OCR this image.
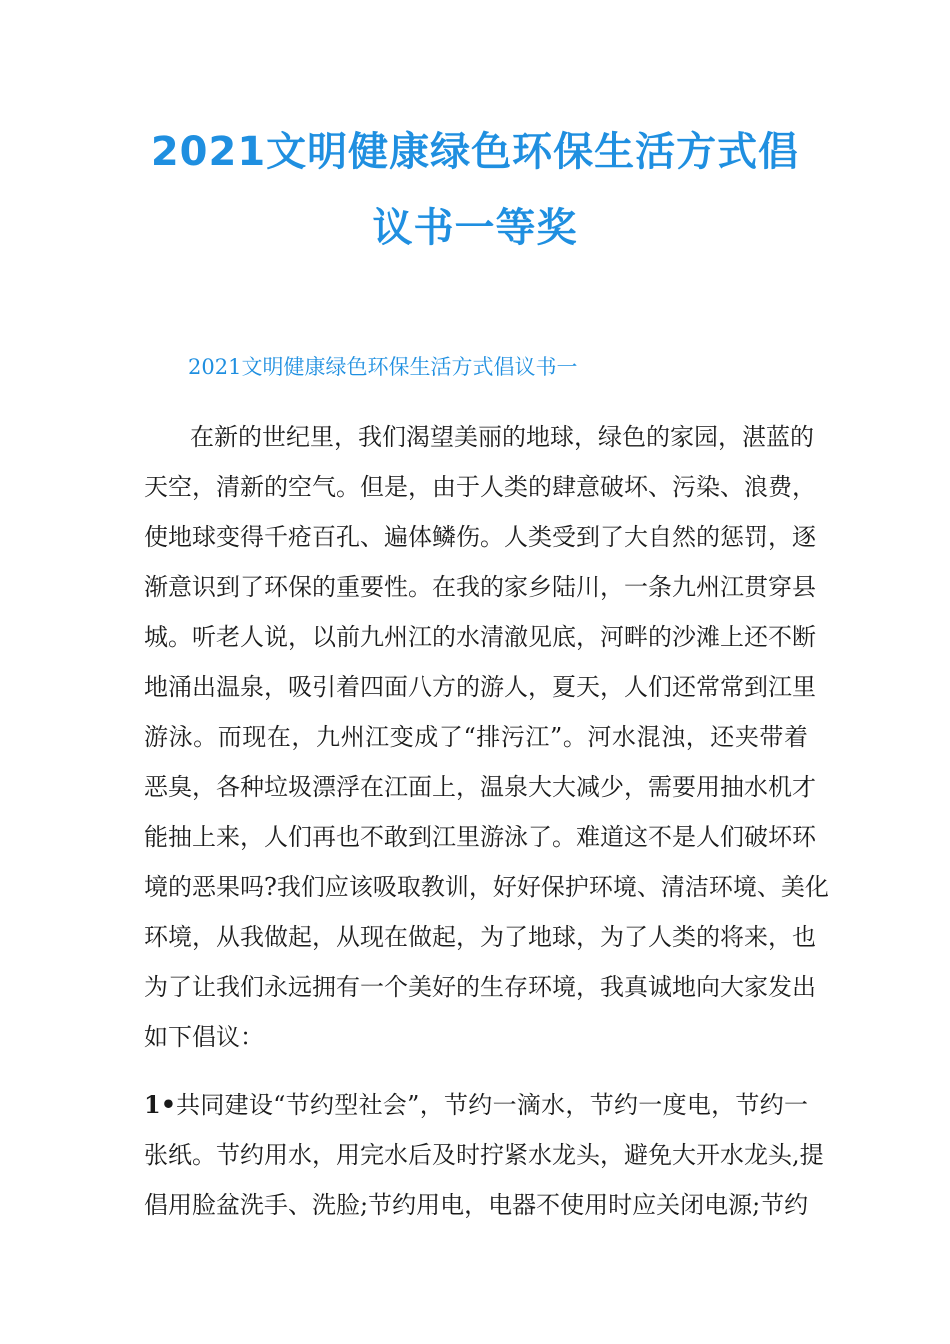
2021文明健康绿色环保生活方式倡
议书一等奖

2021文明健康绿色环保生活方式倡议书一

在新的世纪里，我们渴望美丽的地球，绿色的家园，湛蓝的

天空，清新的空气。但是，由于人类的肆意破坏、污染、浪费，

使地球变得千疮百孔、遍体鳞伤。人类受到了大自然的惩罚，逐

渐意识到了环保的重要性。在我的家乡陆川，一条九州江贯穿县

城。听老人说，以前九州江的水清澈见底，河畔的沙滩上还不断

地涌出温泉，吸引着四面八方的游人，夏天，人们还常常到江里

游泳。而现在，九州江变成了“排污江”。河水混浊，还夹带着

恶臭，各种垃圾漂浮在江面上，温泉大大减少，需要用抽水机才

能抽上来，人们再也不敢到江里游泳了。难道这不是人们破坏环

境的恶果吗?我们应该吸取教训，好好保护环境、清洁环境、美化

环境，从我做起，从现在做起，为了地球，为了人类的将来，也

为了让我们永远拥有一个美好的生存环境，我真诚地向大家发出

如下倡议：

1• 共同建设“节约型社会”，节约一滴水，节约一度电，节约一

张纸。节约用水，用完水后及时拧紧水龙头，避免大开水龙头,提

倡用脸盆洗手、洗脸;节约用电，电器不使用时应关闭电源;节约
